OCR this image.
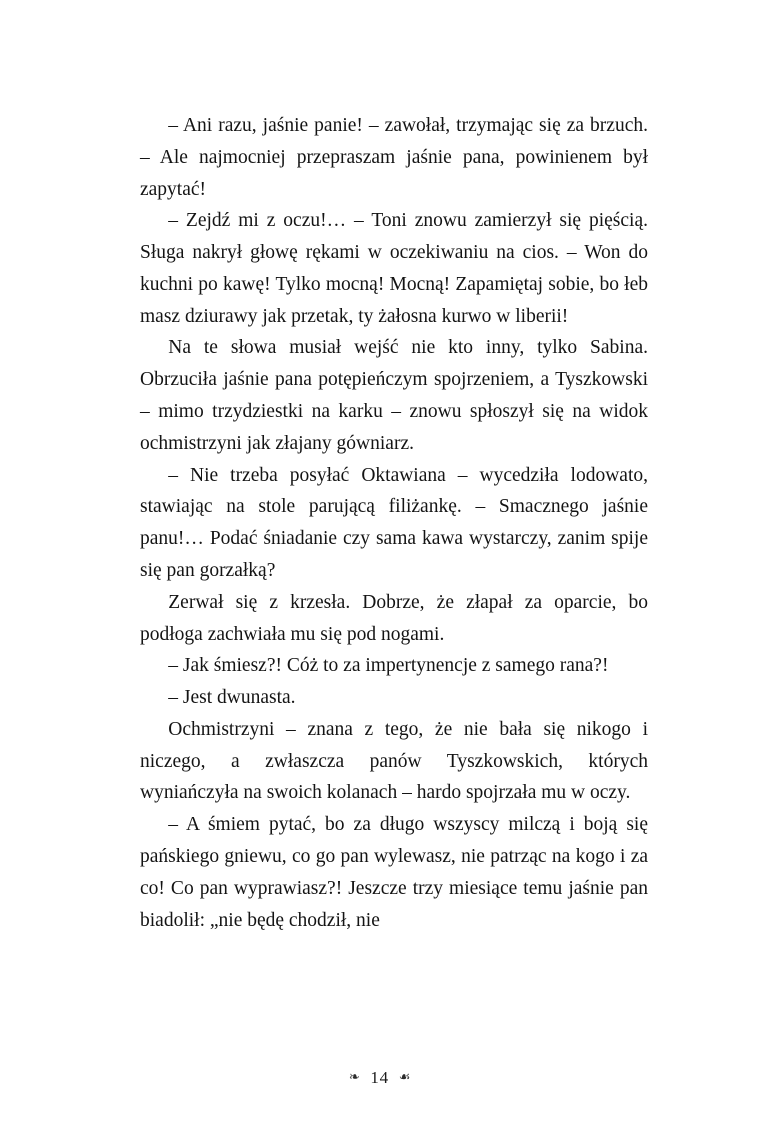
– Ani razu, jaśnie panie! – zawołał, trzymając się za brzuch. – Ale najmocniej przepraszam jaśnie pana, powinienem był zapytać!

– Zejdź mi z oczu!… – Toni znowu zamierzył się pięścią. Sługa nakrył głowę rękami w oczekiwaniu na cios. – Won do kuchni po kawę! Tylko mocną! Mocną! Zapamiętaj sobie, bo łeb masz dziurawy jak przetak, ty żałosna kurwo w liberii!

Na te słowa musiał wejść nie kto inny, tylko Sabina. Obrzuciła jaśnie pana potępieńczym spojrzeniem, a Tyszkowski – mimo trzydziestki na karku – znowu spłoszył się na widok ochmistrzyni jak złajany gówniarz.

– Nie trzeba posyłać Oktawiana – wycedziła lodowato, stawiając na stole parującą filiżankę. – Smacznego jaśnie panu!… Podać śniadanie czy sama kawa wystarczy, zanim spije się pan gorzałką?

Zerwał się z krzesła. Dobrze, że złapał za oparcie, bo podłoga zachwiała mu się pod nogami.

– Jak śmiesz?! Cóż to za impertynencje z samego rana?!

– Jest dwunasta.

Ochmistrzyni – znana z tego, że nie bała się nikogo i niczego, a zwłaszcza panów Tyszkowskich, których wyniańczyła na swoich kolanach – hardo spojrzała mu w oczy.

– A śmiem pytać, bo za długo wszyscy milczą i boją się pańskiego gniewu, co go pan wylewasz, nie patrząc na kogo i za co! Co pan wyprawiasz?! Jeszcze trzy miesiące temu jaśnie pan biadolił: „nie będę chodził, nie

❧ 14 ☙
